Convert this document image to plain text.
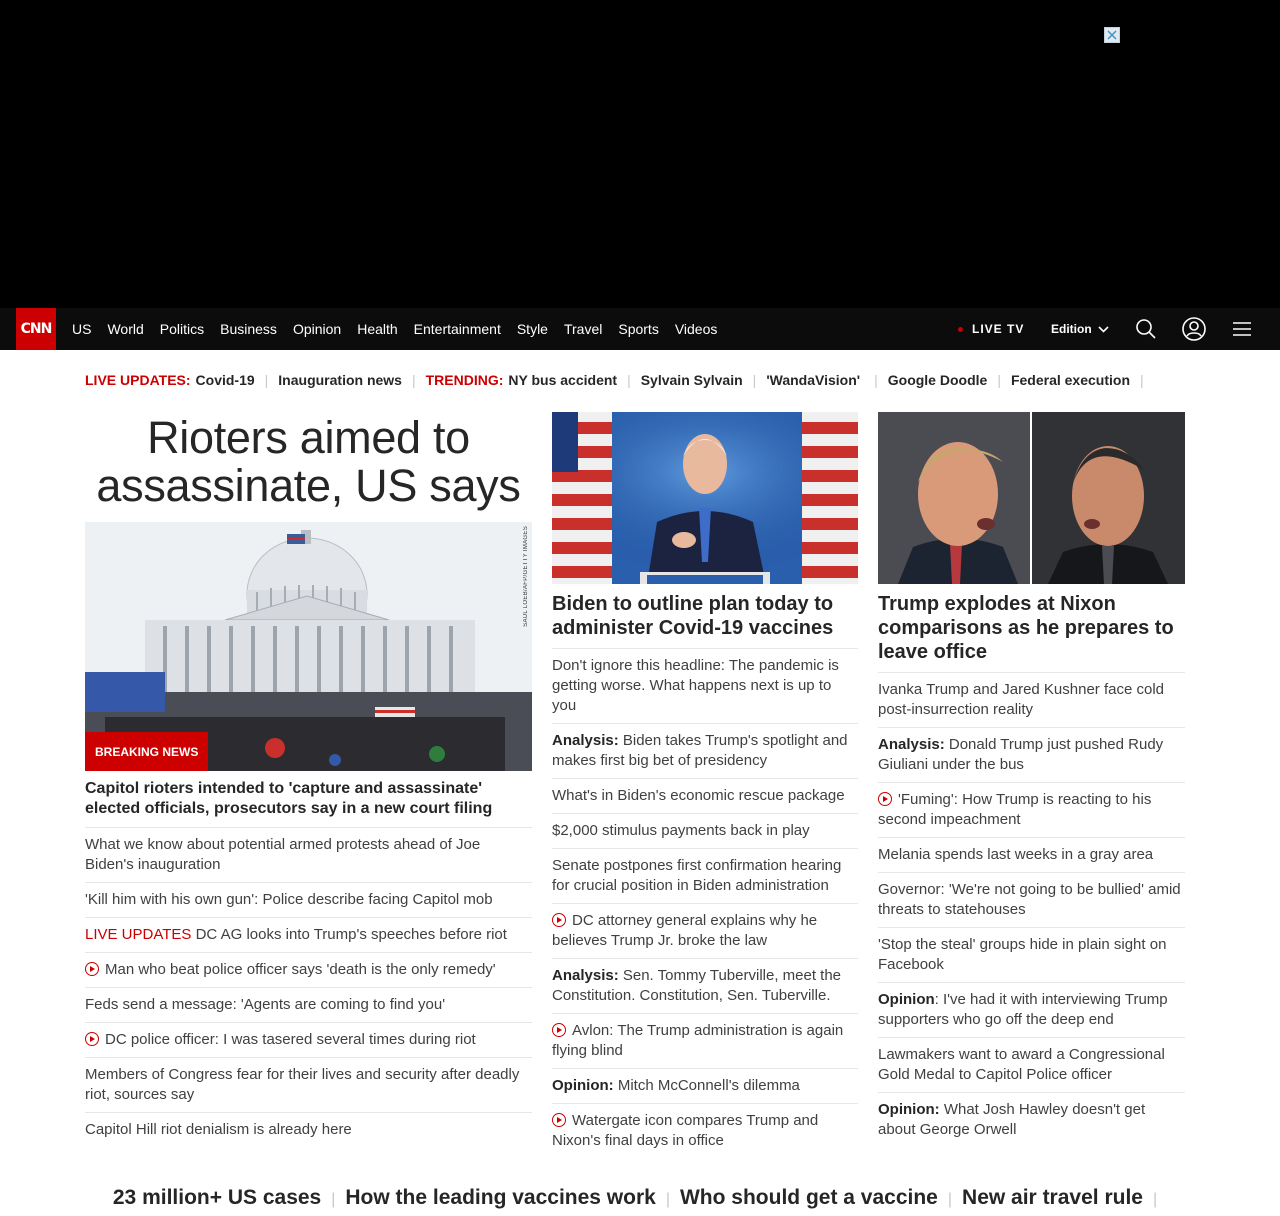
CNN	US	World	Politics	Business	Opinion	Health	Entertainment	Style	Travel	Sports	Videos	LIVE TV Edition
LIVE UPDATES: Covid-19 | Inauguration news | TRENDING: NY bus accident | Sylvain Sylvain | 'WandaVision' | Google Doodle | Federal execution |
Rioters aimed to assassinate, US says
SAUL LOEB/AFP/GETTY IMAGES
BREAKING NEWS
Capitol rioters intended to 'capture and assassinate' elected officials, prosecutors say in a new court filing
What we know about potential armed protests ahead of Joe Biden's inauguration
'Kill him with his own gun': Police describe facing Capitol mob
LIVE UPDATES DC AG looks into Trump's speeches before riot
Man who beat police officer says 'death is the only remedy'
Feds send a message: 'Agents are coming to find you'
DC police officer: I was tasered several times during riot
Members of Congress fear for their lives and security after deadly riot, sources say
Capitol Hill riot denialism is already here
Biden to outline plan today to administer Covid-19 vaccines
Don't ignore this headline: The pandemic is getting worse. What happens next is up to you
Analysis: Biden takes Trump's spotlight and makes first big bet of presidency
What's in Biden's economic rescue package
$2,000 stimulus payments back in play
Senate postpones first confirmation hearing for crucial position in Biden administration
DC attorney general explains why he believes Trump Jr. broke the law
Analysis: Sen. Tommy Tuberville, meet the Constitution. Constitution, Sen. Tuberville.
Avlon: The Trump administration is again flying blind
Opinion: Mitch McConnell's dilemma
Watergate icon compares Trump and Nixon's final days in office
Trump explodes at Nixon comparisons as he prepares to leave office
Ivanka Trump and Jared Kushner face cold post-insurrection reality
Analysis: Donald Trump just pushed Rudy Giuliani under the bus
'Fuming': How Trump is reacting to his second impeachment
Melania spends last weeks in a gray area
Governor: 'We're not going to be bullied' amid threats to statehouses
'Stop the steal' groups hide in plain sight on Facebook
Opinion: I've had it with interviewing Trump supporters who go off the deep end
Lawmakers want to award a Congressional Gold Medal to Capitol Police officer
Opinion: What Josh Hawley doesn't get about George Orwell
23 million+ US cases | How the leading vaccines work | Who should get a vaccine | New air travel rule |
